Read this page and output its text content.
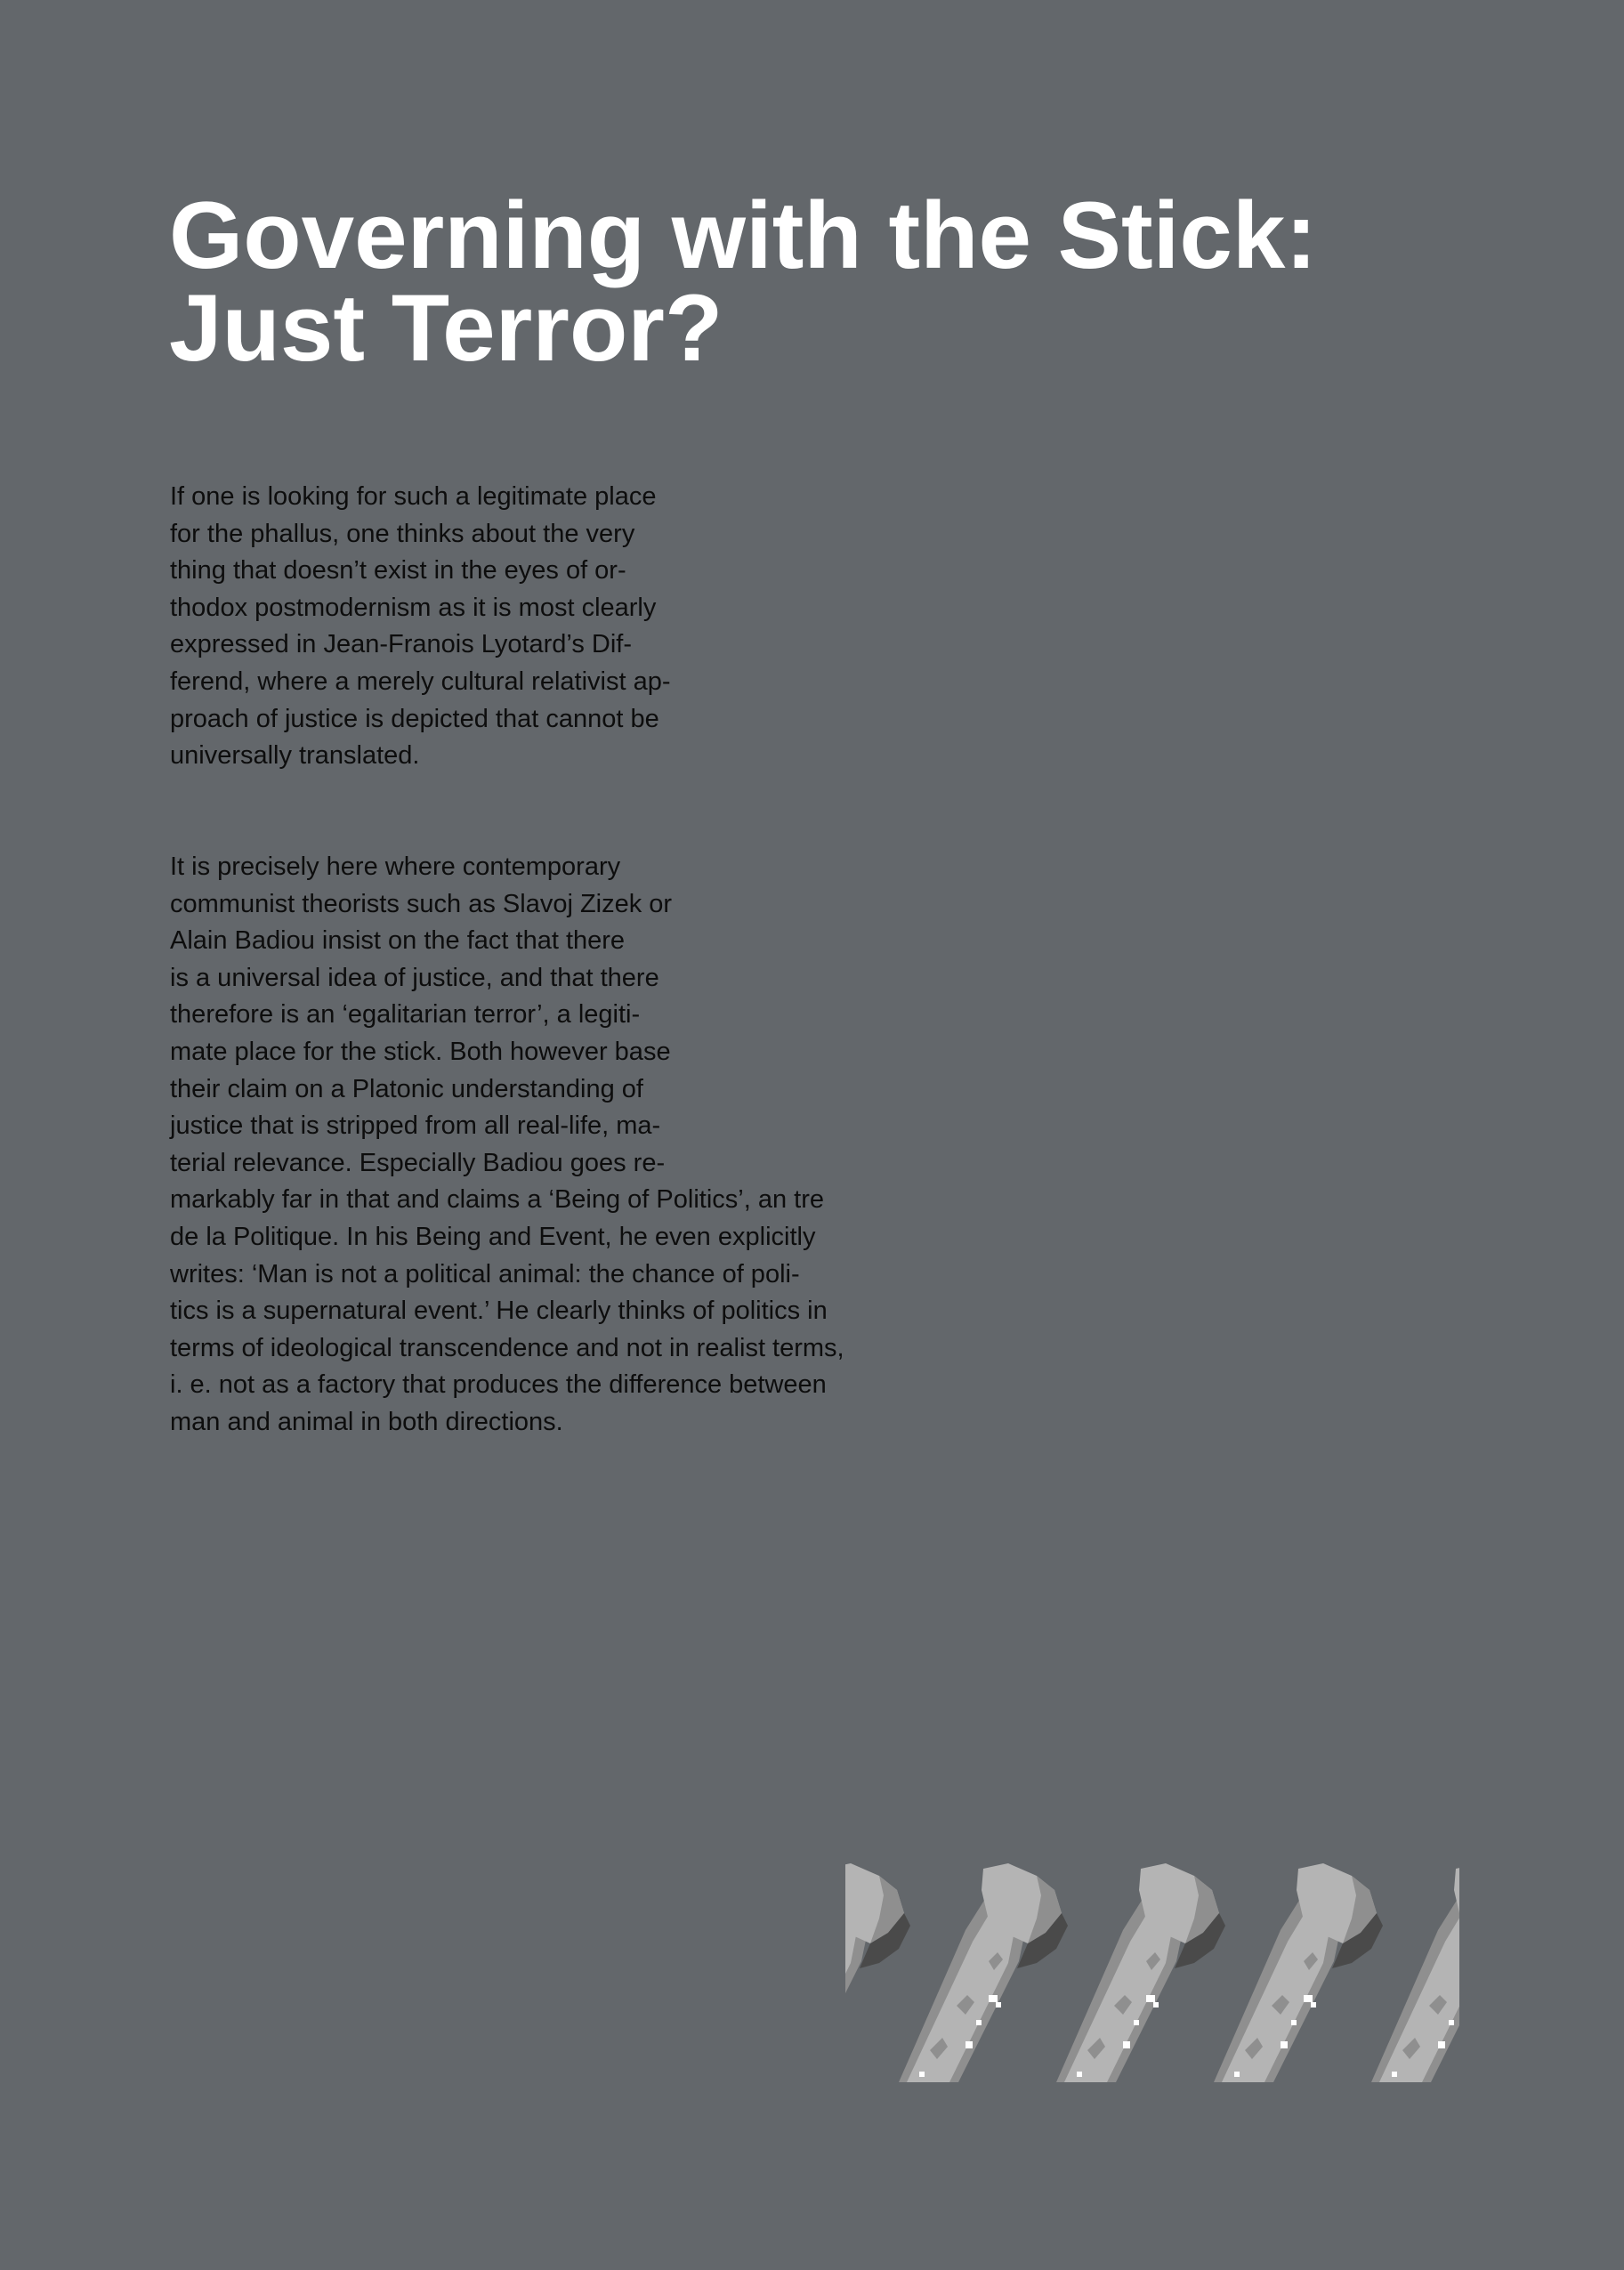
Governing with the Stick:
Just Terror?
If one is looking for such a legitimate place
for the phallus, one thinks about the very
thing that doesn’t exist in the eyes of or-
thodox postmodernism as it is most clearly
expressed in Jean-Franois Lyotard’s Dif-
ferend, where a merely cultural relativist ap-
proach of justice is depicted that cannot be
universally translated.
It is precisely here where contemporary
communist theorists such as Slavoj Zizek or
Alain Badiou insist on the fact that there
is a universal idea of justice, and that there
therefore is an ‘egalitarian terror’, a legiti-
mate place for the stick. Both however base
their claim on a Platonic understanding of
justice that is stripped from all real-life, ma-
terial relevance. Especially Badiou goes re-
markably far in that and claims a ‘Being of Politics’, an tre
de la Politique. In his Being and Event, he even explicitly
writes: ‘Man is not a political animal: the chance of poli-
tics is a supernatural event.’ He clearly thinks of politics in
terms of ideological transcendence and not in realist terms,
i. e. not as a factory that produces the difference between
man and animal in both directions.
